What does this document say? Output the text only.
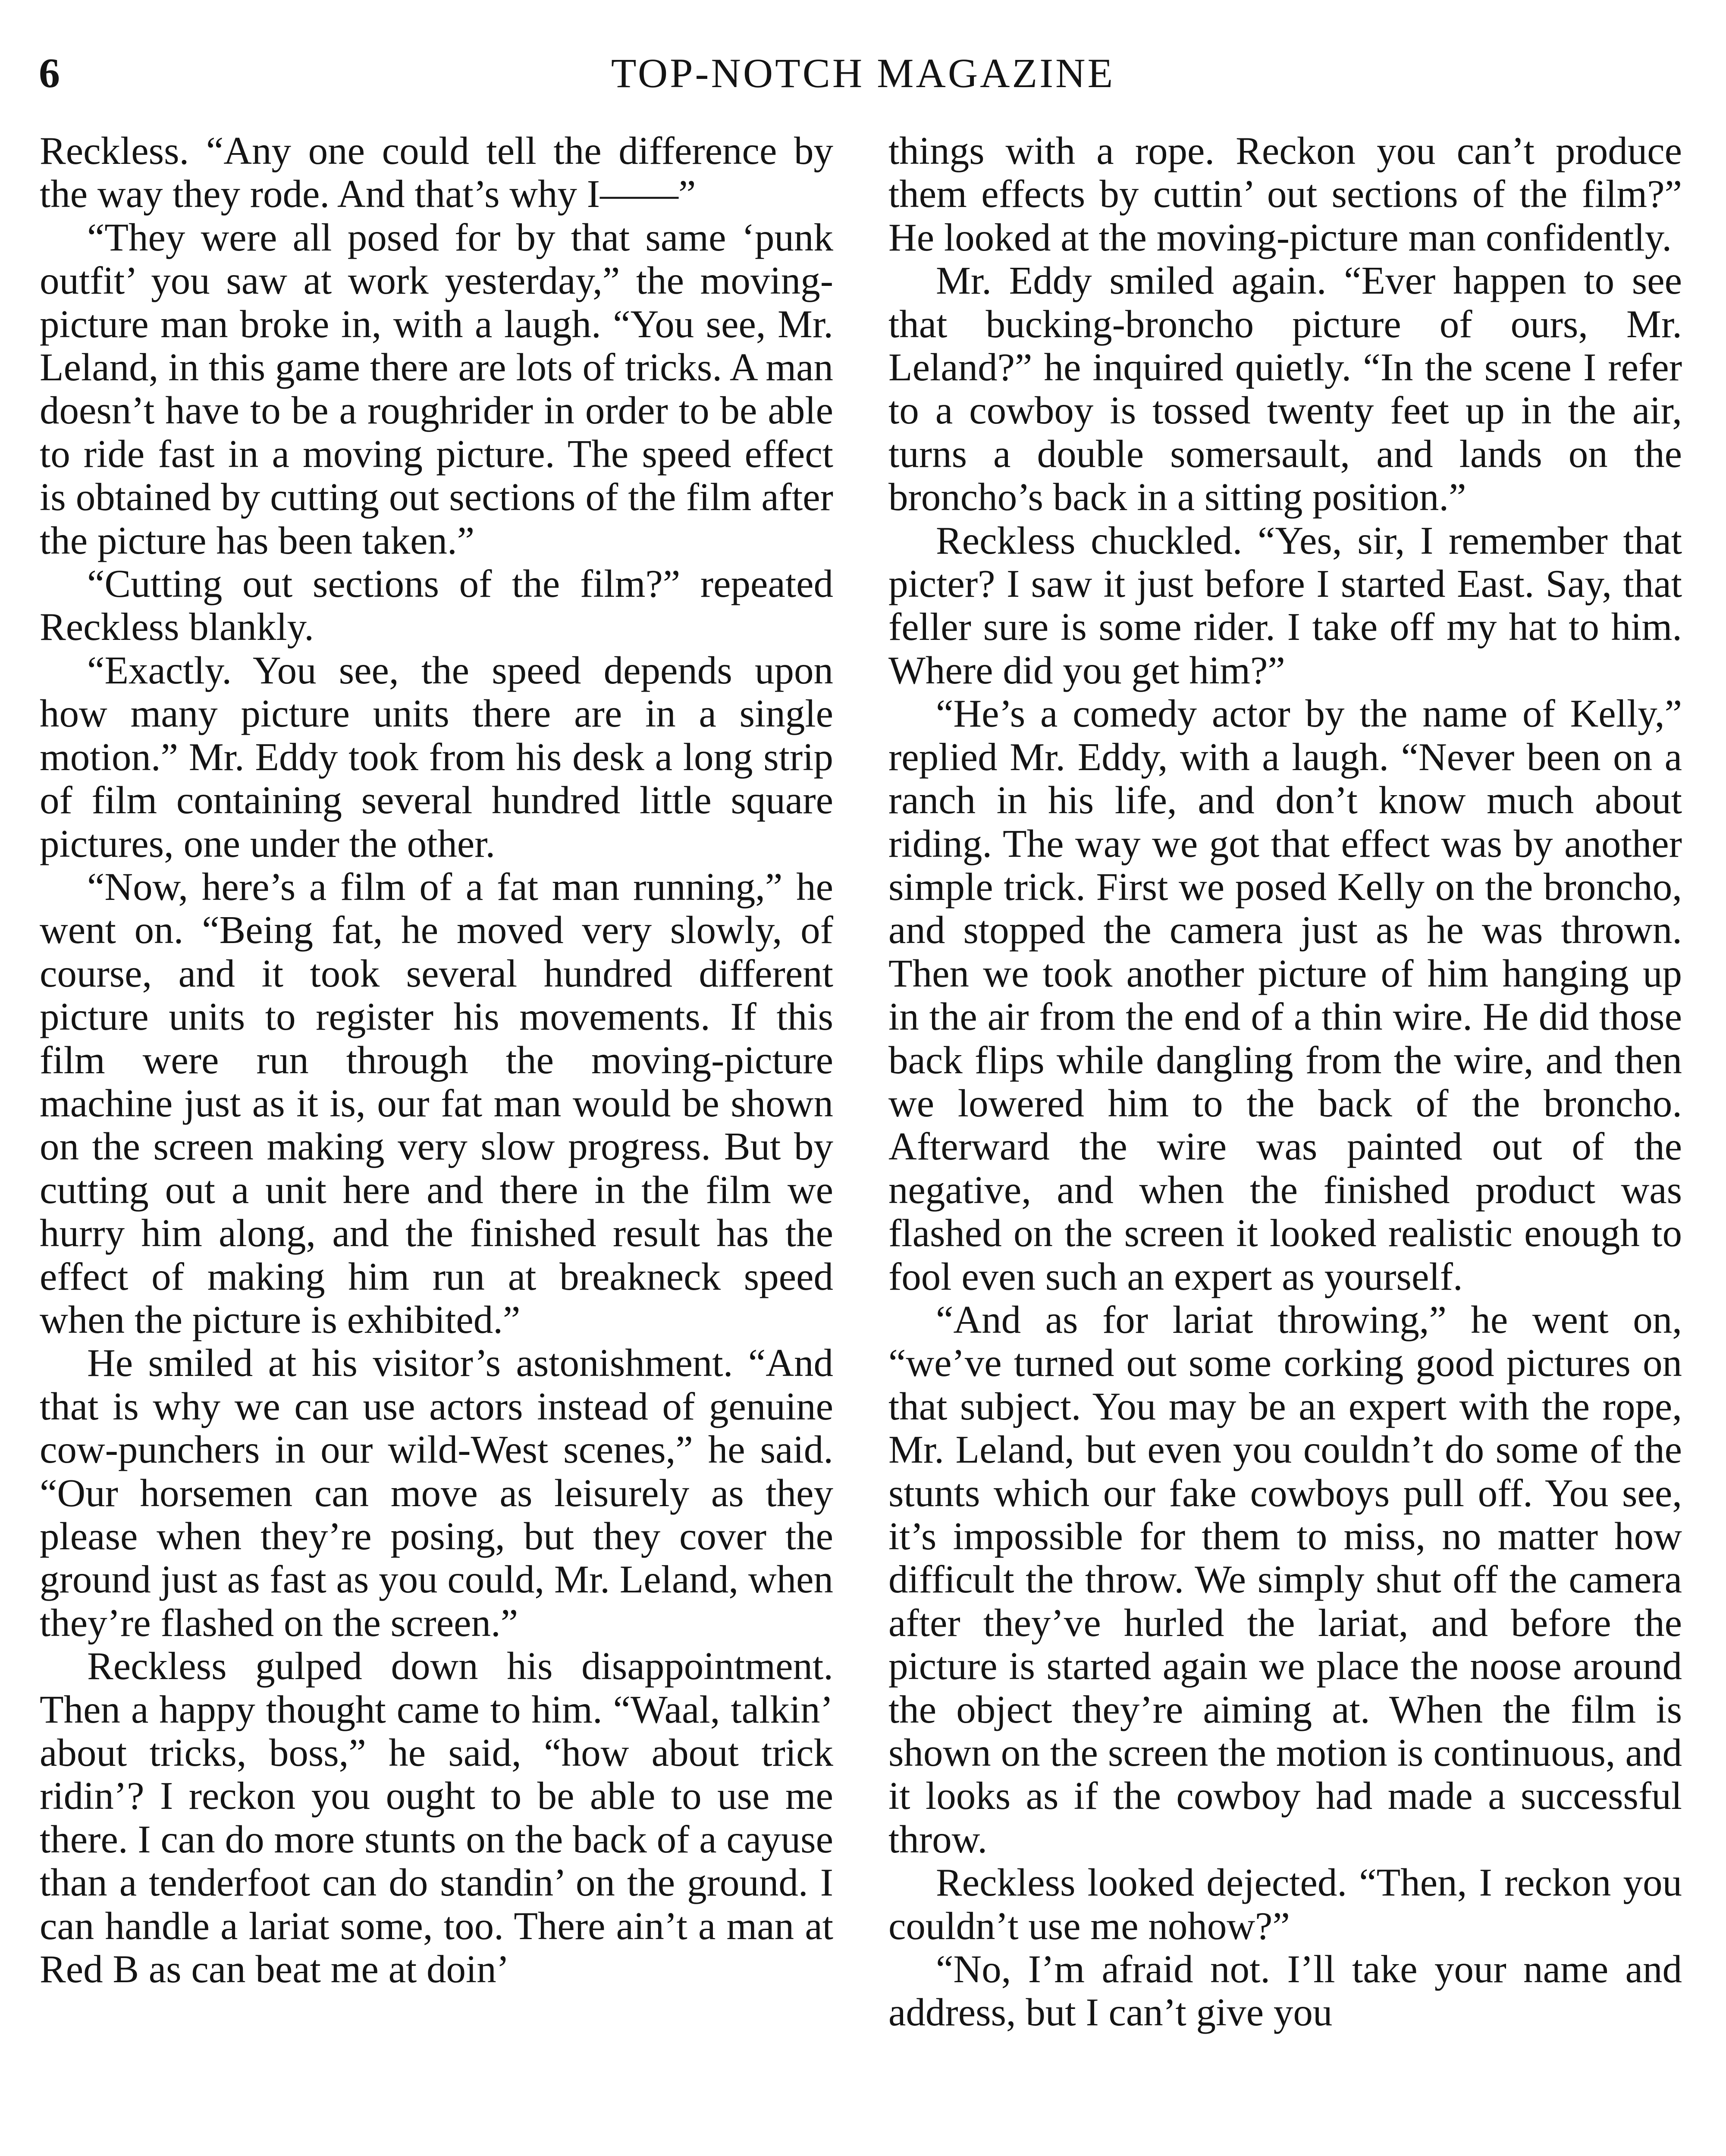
6	TOP-NOTCH MAGAZINE

Reckless. “Any one could tell the difference by the way they rode. And that’s why I——”

“They were all posed for by that same ‘punk outfit’ you saw at work yesterday,” the moving-picture man broke in, with a laugh. “You see, Mr. Leland, in this game there are lots of tricks. A man doesn’t have to be a roughrider in order to be able to ride fast in a moving picture. The speed effect is obtained by cutting out sections of the film after the picture has been taken.”

“Cutting out sections of the film?” repeated Reckless blankly.

“Exactly. You see, the speed depends upon how many picture units there are in a single motion.” Mr. Eddy took from his desk a long strip of film containing several hundred little square pictures, one under the other.

“Now, here’s a film of a fat man running,” he went on. “Being fat, he moved very slowly, of course, and it took several hundred different picture units to register his movements. If this film were run through the moving-picture machine just as it is, our fat man would be shown on the screen making very slow progress. But by cutting out a unit here and there in the film we hurry him along, and the finished result has the effect of making him run at breakneck speed when the picture is exhibited.”

He smiled at his visitor’s astonishment. “And that is why we can use actors instead of genuine cow-punchers in our wild-West scenes,” he said. “Our horsemen can move as leisurely as they please when they’re posing, but they cover the ground just as fast as you could, Mr. Leland, when they’re flashed on the screen.”

Reckless gulped down his disappointment. Then a happy thought came to him. “Waal, talkin’ about tricks, boss,” he said, “how about trick ridin’? I reckon you ought to be able to use me there. I can do more stunts on the back of a cayuse than a tenderfoot can do standin’ on the ground. I can handle a lariat some, too. There ain’t a man at Red B as can beat me at doin’

things with a rope. Reckon you can’t produce them effects by cuttin’ out sections of the film?” He looked at the moving-picture man confidently.

Mr. Eddy smiled again. “Ever happen to see that bucking-broncho picture of ours, Mr. Leland?” he inquired quietly. “In the scene I refer to a cowboy is tossed twenty feet up in the air, turns a double somersault, and lands on the broncho’s back in a sitting position.”

Reckless chuckled. “Yes, sir, I remember that picter? I saw it just before I started East. Say, that feller sure is some rider. I take off my hat to him. Where did you get him?”

“He’s a comedy actor by the name of Kelly,” replied Mr. Eddy, with a laugh. “Never been on a ranch in his life, and don’t know much about riding. The way we got that effect was by another simple trick. First we posed Kelly on the broncho, and stopped the camera just as he was thrown. Then we took another picture of him hanging up in the air from the end of a thin wire. He did those back flips while dangling from the wire, and then we lowered him to the back of the broncho. Afterward the wire was painted out of the negative, and when the finished product was flashed on the screen it looked realistic enough to fool even such an expert as yourself.

“And as for lariat throwing,” he went on, “we’ve turned out some corking good pictures on that subject. You may be an expert with the rope, Mr. Leland, but even you couldn’t do some of the stunts which our fake cowboys pull off. You see, it’s impossible for them to miss, no matter how difficult the throw. We simply shut off the camera after they’ve hurled the lariat, and before the picture is started again we place the noose around the object they’re aiming at. When the film is shown on the screen the motion is continuous, and it looks as if the cowboy had made a successful throw.

Reckless looked dejected. “Then, I reckon you couldn’t use me nohow?”

“No, I’m afraid not. I’ll take your name and address, but I can’t give you
